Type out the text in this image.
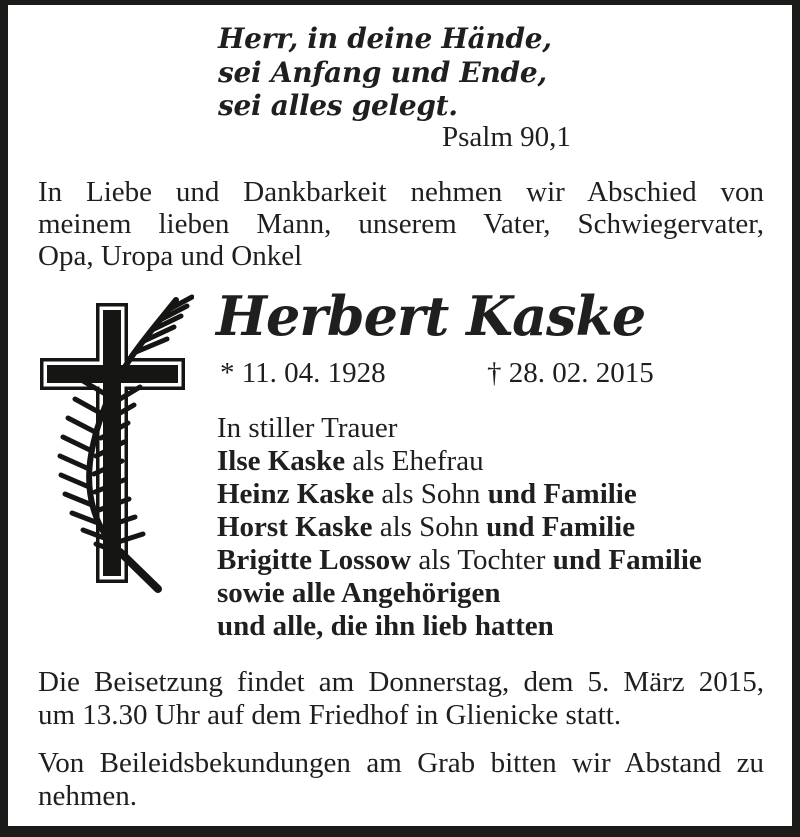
Herr, in deine Hände,
sei Anfang und Ende,
sei alles gelegt.
Psalm 90,1
In Liebe und Dankbarkeit nehmen wir Abschied von
meinem lieben Mann, unserem Vater, Schwiegervater,
Opa, Uropa und Onkel
Herbert Kaske
* 11. 04. 1928	† 28. 02. 2015
In stiller Trauer
Ilse Kaske als Ehefrau
Heinz Kaske als Sohn und Familie
Horst Kaske als Sohn und Familie
Brigitte Lossow als Tochter und Familie
sowie alle Angehörigen
und alle, die ihn lieb hatten
Die Beisetzung findet am Donnerstag, dem 5. März 2015,
um 13.30 Uhr auf dem Friedhof in Glienicke statt.
Von Beileidsbekundungen am Grab bitten wir Abstand zu
nehmen.
